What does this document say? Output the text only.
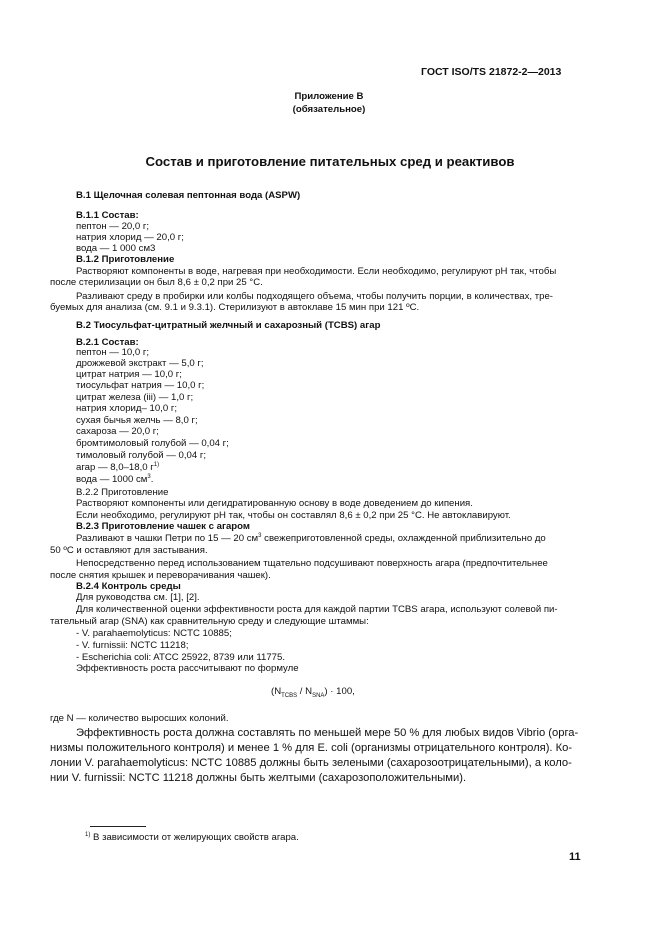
ГОСТ ISO/TS 21872-2—2013
Приложение В
(обязательное)
Состав и приготовление питательных сред и реактивов
В.1 Щелочная солевая пептонная вода (ASPW)
В.1.1 Состав:
пептон — 20,0 г;
натрия хлорид — 20,0 г;
вода — 1 000 см3
В.1.2 Приготовление
Растворяют компоненты в воде, нагревая при необходимости. Если необходимо, регулируют pH так, чтобы
после стерилизации он был 8,6 ± 0,2 при 25 °С.
Разливают среду в пробирки или колбы подходящего объема, чтобы получить порции, в количествах, тре-
буемых для анализа (см. 9.1 и 9.3.1). Стерилизуют в автоклаве 15 мин при 121 ºС.
В.2 Тиосульфат-цитратный желчный и сахарозный (TCBS) агар
В.2.1 Состав:
пептон — 10,0 г;
дрожжевой экстракт — 5,0 г;
цитрат натрия — 10,0 г;
тиосульфат натрия — 10,0 г;
цитрат железа (iii) — 1,0 г;
натрия хлорид– 10,0 г;
сухая бычья желчь — 8,0 г;
сахароза — 20,0 г;
бромтимоловый голубой — 0,04 г;
тимоловый голубой — 0,04 г;
агар — 8,0–18,0 $г^{1)}$
вода — 1000 $см^3$.
В.2.2 Приготовление
Растворяют компоненты или дегидратированную основу в воде доведением до кипения.
Если необходимо, регулируют pH так, чтобы он составлял 8,6 ± 0,2 при 25 °С. Не автоклавируют.
В.2.3 Приготовление чашек с агаром
Разливают в чашки Петри по 15 — 20 $см^3$ свежеприготовленной среды, охлажденной приблизительно до
50 ºС и оставляют для застывания.
Непосредственно перед использованием тщательно подсушивают поверхность агара (предпочтительнее
после снятия крышек и переворачивания чашек).
В.2.4 Контроль среды
Для руководства см. [1], [2].
Для количественной оценки эффективности роста для каждой партии TCBS агара, используют солевой пи-
тательный агар (SNA) как сравнительную среду и следующие штаммы:
- V. parahaemolyticus: NCTC 10885;
- V. furnissii: NCTC 11218;
- Escherichia coli: ATCC 25922, 8739 или 11775.
Эффективность роста рассчитывают по формуле
$(N_{TCBS} / N_{SNA}) \cdot 100$,
где N — количество выросших колоний.
Эффективность роста должна составлять по меньшей мере 50 % для любых видов Vibrio (орга-
низмы положительного контроля) и менее 1 % для E. coli (организмы отрицательного контроля). Ко-
лонии V. parahaemolyticus: NCTC 10885 должны быть зелеными (сахарозоотрицательными), а коло-
нии V. furnissii: NCTC 11218 должны быть желтыми (сахарозоположительными).
$^{1)}$ В зависимости от желирующих свойств агара.
11
